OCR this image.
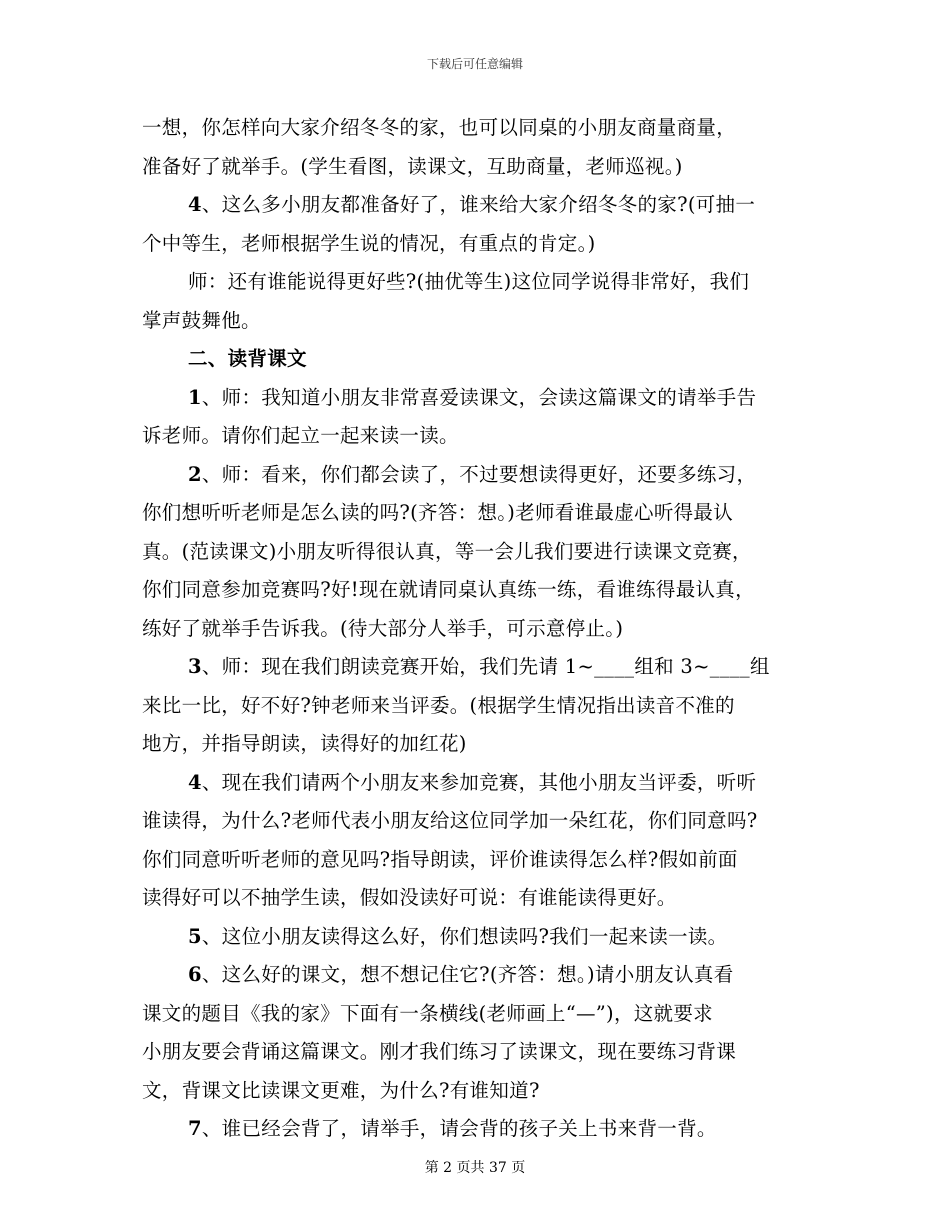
下载后可任意编辑
一想，你怎样向大家介绍冬冬的家，也可以同桌的小朋友商量商量，
准备好了就举手。(学生看图，读课文，互助商量，老师巡视。)
4、这么多小朋友都准备好了，谁来给大家介绍冬冬的家?(可抽一
个中等生，老师根据学生说的情况，有重点的肯定。)
师：还有谁能说得更好些?(抽优等生)这位同学说得非常好，我们
掌声鼓舞他。
二、读背课文
1、师：我知道小朋友非常喜爱读课文，会读这篇课文的请举手告
诉老师。请你们起立一起来读一读。
2、师：看来，你们都会读了，不过要想读得更好，还要多练习，
你们想听听老师是怎么读的吗?(齐答：想。)老师看谁最虚心听得最认
真。(范读课文)小朋友听得很认真，等一会儿我们要进行读课文竞赛，
你们同意参加竞赛吗?好!现在就请同桌认真练一练，看谁练得最认真，
练好了就举手告诉我。(待大部分人举手，可示意停止。)
3、师：现在我们朗读竞赛开始，我们先请 1~____组和 3~____组
来比一比，好不好?钟老师来当评委。(根据学生情况指出读音不准的
地方，并指导朗读，读得好的加红花)
4、现在我们请两个小朋友来参加竞赛，其他小朋友当评委，听听
谁读得，为什么?老师代表小朋友给这位同学加一朵红花，你们同意吗?
你们同意听听老师的意见吗?指导朗读，评价谁读得怎么样?假如前面
读得好可以不抽学生读，假如没读好可说：有谁能读得更好。
5、这位小朋友读得这么好，你们想读吗?我们一起来读一读。
6、这么好的课文，想不想记住它?(齐答：想。)请小朋友认真看
课文的题目《我的家》下面有一条横线(老师画上“—”)，这就要求
小朋友要会背诵这篇课文。刚才我们练习了读课文，现在要练习背课
文，背课文比读课文更难，为什么?有谁知道?
7、谁已经会背了，请举手，请会背的孩子关上书来背一背。
第 2 页共 37 页
